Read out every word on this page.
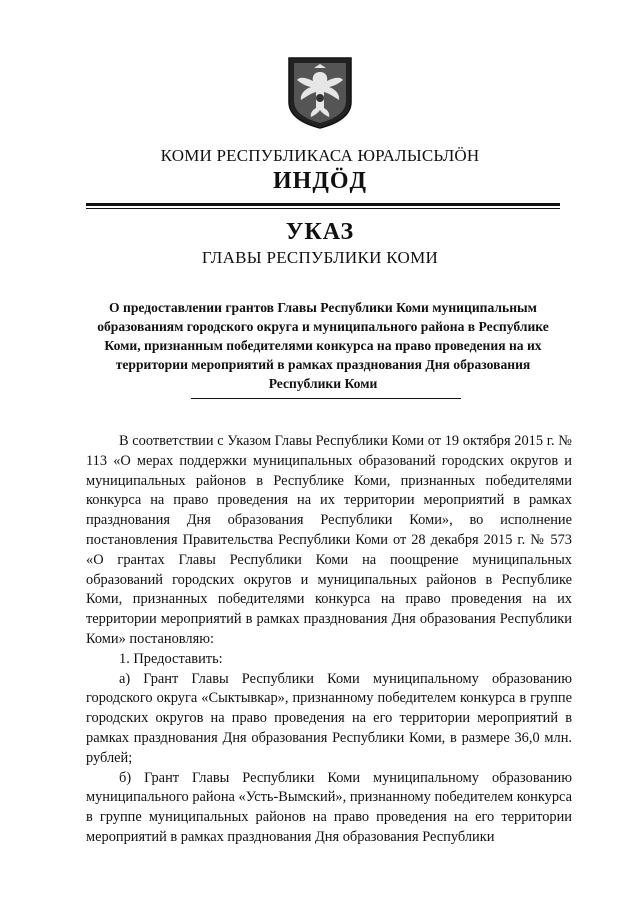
КОМИ РЕСПУБЛИКАСА ЮРАЛЫСЬЛӦН
ИНДӦД
УКАЗ
ГЛАВЫ РЕСПУБЛИКИ КОМИ
О предоставлении грантов Главы Республики Коми муниципальным образованиям городского округа и муниципального района в Республике Коми, признанным победителями конкурса на право проведения на их территории мероприятий в рамках празднования Дня образования Республики Коми

В соответствии с Указом Главы Республики Коми от 19 октября 2015 г. № 113 «О мерах поддержки муниципальных образований городских округов и муниципальных районов в Республике Коми, признанных победителями конкурса на право проведения на их территории мероприятий в рамках празднования Дня образования Республики Коми», во исполнение постановления Правительства Республики Коми от 28 декабря 2015 г. № 573 «О грантах Главы Республики Коми на поощрение муниципальных образований городских округов и муниципальных районов в Республике Коми, признанных победителями конкурса на право проведения на их территории мероприятий в рамках празднования Дня образования Республики Коми» постановляю:

1. Предоставить:

а) Грант Главы Республики Коми муниципальному образованию городского округа «Сыктывкар», признанному победителем конкурса в группе городских округов на право проведения на его территории мероприятий в рамках празднования Дня образования Республики Коми, в размере 36,0 млн. рублей;

б) Грант Главы Республики Коми муниципальному образованию муниципального района «Усть-Вымский», признанному победителем конкурса в группе муниципальных районов на право проведения на его территории мероприятий в рамках празднования Дня образования Республики
